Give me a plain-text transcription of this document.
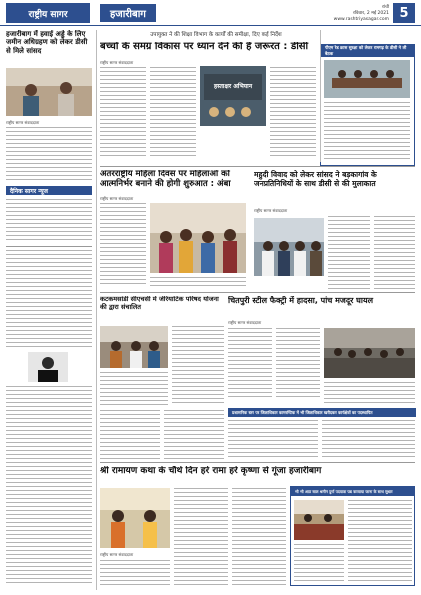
राष्ट्रीय सागर	हजारीबाग
रांची
रविवार, 2 मई 2021
www.rashtriyasagar.com 5
उपायुक्त ने की शिक्षा विभाग के कार्यों की समीक्षा, दिए कई निर्देश
बच्चों के समग्र विकास पर ध्यान देने की है जरूरत : डीसी
हजारीबाग में हवाई अड्डे के लिए जमीन अधिग्रहण को लेकर डीसी से मिले सांसद
राष्ट्रीय सागर संवाददाता
दैनिक सागर न्यूज
राष्ट्रीय सागर संवाददाता
हस्ताक्षर अभियान
पीएम रेड क्रास सुरक्षा को लेकर रामगढ़ के डीसी ने ली बैठक
अंतरराष्ट्रीय महिला दिवस पर महिलाओं को आत्मनिर्भर बनाने की होगी शुरुआत : अंबा
राष्ट्रीय सागर संवाददाता
महुदी विवाद को लेकर सांसद ने बड़कागांव के जनप्रतिनिधियों के साथ डीसी से की मुलाकात
राष्ट्रीय सागर संवाददाता
कटकमसांडी सीएचसी में जेरियाटिक परिषद योजना की द्वारा संचालित
चितपुरी स्टील फैक्ट्री में हादसा, पांच मजदूर घायल
राष्ट्रीय सागर संवाददाता
प्रशासनिक स्तर पर जिलाधिकार कामरण्टिक में भी जिलाधिकार खरीदकर कार्यक्षेत्रों का पदस्थापित
श्री रामायण कथा के चौथे दिन हरे रामा हरे कृष्णा से गूंजा हजारीबाग
राष्ट्रीय सागर संवाददाता
भी भी आठ साल श्रमीन दुर्गा पदयात्रा पद्य करवाया जाना के साथ सुधार
